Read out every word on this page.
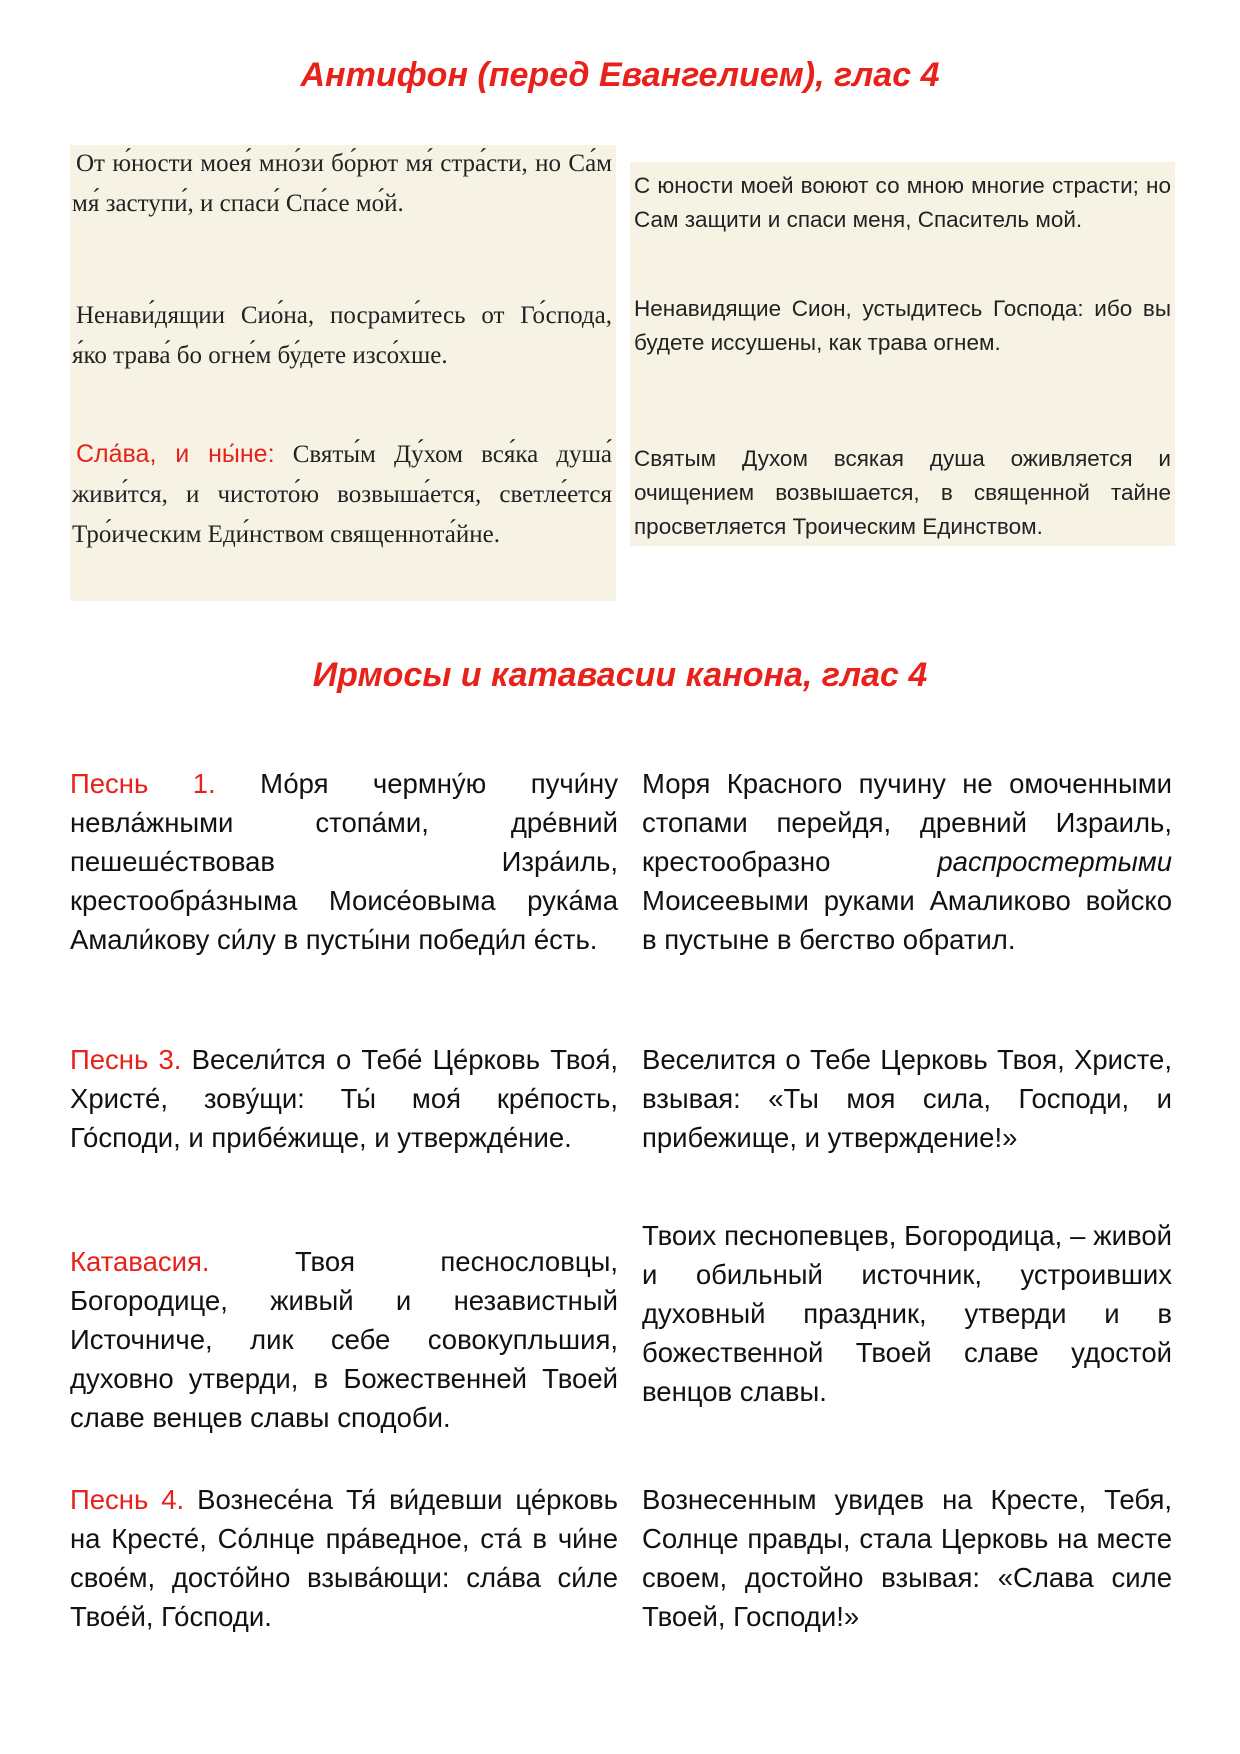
Антифон (перед Евангелием), глас 4

От ю́ности моея́ мно́зи бо́рют мя́ стра́сти, но Са́м мя́ заступи́, и спаси́ Спа́се мо́й.

С юности моей воюют со мною многие страсти; но Сам защити и спаси меня, Спаситель мой.

Ненави́дящии Сио́на, посрами́тесь от Го́спода, я́ко трава́ бо огне́м бу́дете изсо́хше.

Ненавидящие Сион, устыдитесь Господа: ибо вы будете иссушены, как трава огнем.

Сла́ва, и ны́не: Святы́м Ду́хом вся́ка душа́ живи́тся, и чистото́ю возвыша́ется, светле́ется Тро́ическим Еди́нством священнота́йне.

Святым Духом всякая душа оживляется и очищением возвышается, в священной тайне просветляется Троическим Единством.

Ирмосы и катавасии канона, глас 4

Песнь 1. Мо́ря чермну́ю пучи́ну невла́жными стопа́ми, дре́вний пешеше́ствовав Изра́иль, крестообра́зныма Моисе́овыма рука́ма Амали́кову си́лу в пусты́ни победи́л е́сть.

Моря Красного пучину не омоченными стопами перейдя, древний Израиль, крестообразно	распростертыми Моисеевыми руками Амаликово войско в пустыне в бегство обратил.

Песнь 3. Весели́тся о Тебе́ Це́рковь Твоя́, Христе́, зову́щи: Ты́ моя́ кре́пость, Го́споди, и прибе́жище, и утвержде́ние.

Веселится о Тебе Церковь Твоя, Христе, взывая: «Ты моя сила, Господи, и прибежище, и утверждение!»

Катавасия.	Твоя песнословцы, Богородице, живый и независтный Источниче, лик себе совокупльшия, духовно утверди, в Божественней Твоей славе венцев славы сподоби.

Твоих песнопевцев, Богородица, – живой и обильный источник, устроивших духовный праздник, утверди и в божественной Твоей славе удостой венцов славы.

Песнь 4. Вознесе́на Тя́ ви́девши це́рковь на Кресте́, Со́лнце пра́ведное, ста́ в чи́не свое́м, досто́йно взыва́ющи: сла́ва си́ле Твое́й, Го́споди.

Вознесенным увидев на Кресте, Тебя, Солнце правды, стала Церковь на месте своем, достойно взывая: «Слава силе Твоей, Господи!»
